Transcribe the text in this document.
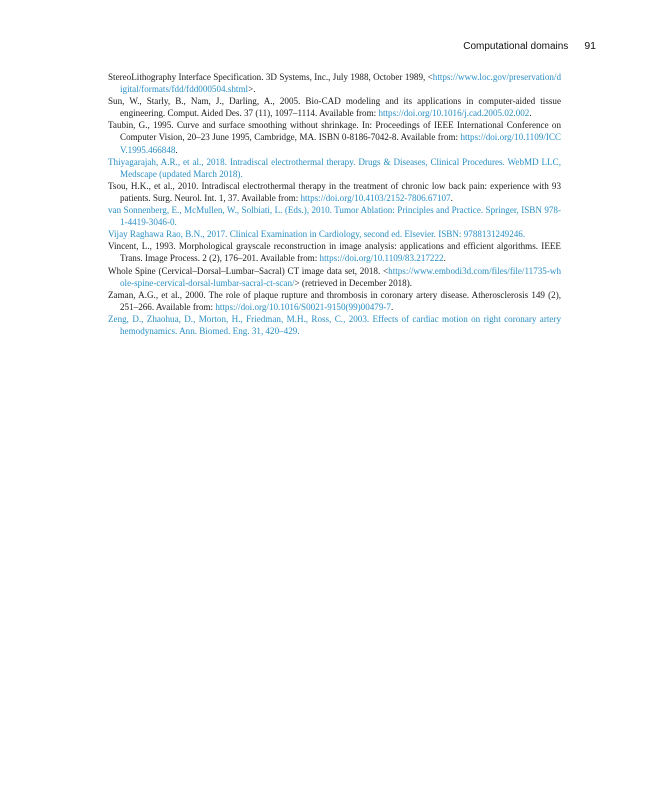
Computational domains 91
StereoLithography Interface Specification. 3D Systems, Inc., July 1988, October 1989, <https://www.loc.gov/preservation/digital/formats/fdd/fdd000504.shtml>.
Sun, W., Starly, B., Nam, J., Darling, A., 2005. Bio-CAD modeling and its applications in computer-aided tissue engineering. Comput. Aided Des. 37 (11), 1097–1114. Available from: https://doi.org/10.1016/j.cad.2005.02.002.
Taubin, G., 1995. Curve and surface smoothing without shrinkage. In: Proceedings of IEEE International Conference on Computer Vision, 20–23 June 1995, Cambridge, MA. ISBN 0-8186-7042-8. Available from: https://doi.org/10.1109/ICCV.1995.466848.
Thiyagarajah, A.R., et al., 2018. Intradiscal electrothermal therapy. Drugs & Diseases, Clinical Procedures. WebMD LLC, Medscape (updated March 2018).
Tsou, H.K., et al., 2010. Intradiscal electrothermal therapy in the treatment of chronic low back pain: experience with 93 patients. Surg. Neurol. Int. 1, 37. Available from: https://doi.org/10.4103/2152-7806.67107.
van Sonnenberg, E., McMullen, W., Solbiati, L. (Eds.), 2010. Tumor Ablation: Principles and Practice. Springer, ISBN 978-1-4419-3046-0.
Vijay Raghawa Rao, B.N., 2017. Clinical Examination in Cardiology, second ed. Elsevier. ISBN: 9788131249246.
Vincent, L., 1993. Morphological grayscale reconstruction in image analysis: applications and efficient algorithms. IEEE Trans. Image Process. 2 (2), 176–201. Available from: https://doi.org/10.1109/83.217222.
Whole Spine (Cervical–Dorsal–Lumbar–Sacral) CT image data set, 2018. <https://www.embodi3d.com/files/file/11735-whole-spine-cervical-dorsal-lumbar-sacral-ct-scan/> (retrieved in December 2018).
Zaman, A.G., et al., 2000. The role of plaque rupture and thrombosis in coronary artery disease. Atherosclerosis 149 (2), 251–266. Available from: https://doi.org/10.1016/S0021-9150(99)00479-7.
Zeng, D., Zhaohua, D., Morton, H., Friedman, M.H., Ross, C., 2003. Effects of cardiac motion on right coronary artery hemodynamics. Ann. Biomed. Eng. 31, 420–429.
